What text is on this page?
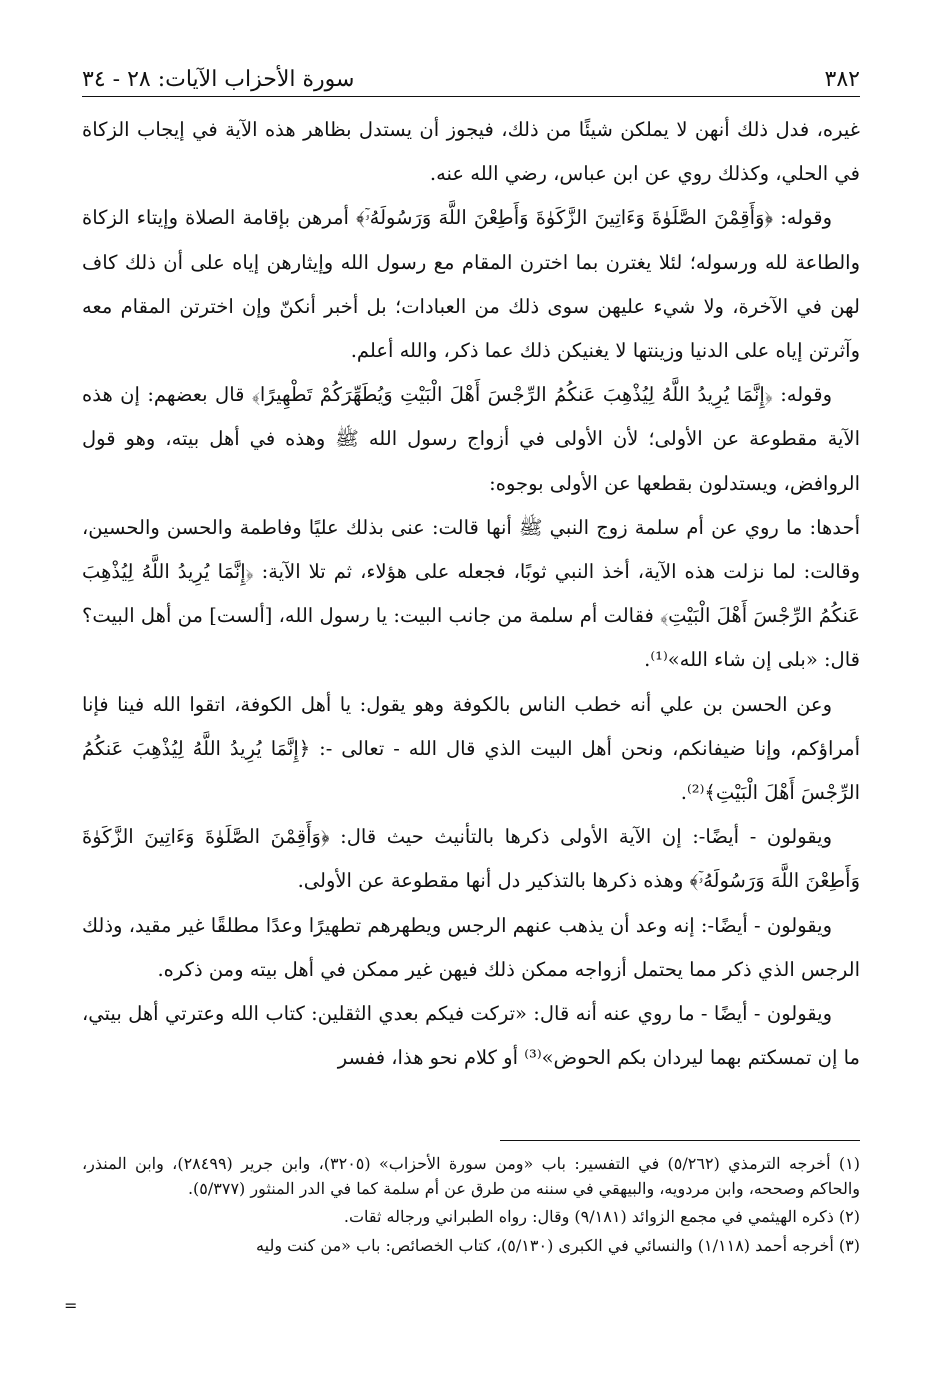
٣٨٢
سورة الأحزاب الآيات: ٢٨ - ٣٤

غيره، فدل ذلك أنهن لا يملكن شيئًا من ذلك، فيجوز أن يستدل بظاهر هذه الآية في إيجاب الزكاة في الحلي، وكذلك روي عن ابن عباس، رضي الله عنه.

وقوله: ﴿وَأَقِمْنَ الصَّلَوٰةَ وَءَاتِينَ الزَّكَوٰةَ وَأَطِعْنَ اللَّهَ وَرَسُولَهُۥٓ﴾ أمرهن بإقامة الصلاة وإيتاء الزكاة والطاعة لله ورسوله؛ لئلا يغترن بما اخترن المقام مع رسول الله وإيثارهن إياه على أن ذلك كاف لهن في الآخرة، ولا شيء عليهن سوى ذلك من العبادات؛ بل أخبر أنكنّ وإن اخترتن المقام معه وآثرتن إياه على الدنيا وزينتها لا يغنيكن ذلك عما ذكر، والله أعلم.

وقوله: ﴿إِنَّمَا يُرِيدُ اللَّهُ لِيُذْهِبَ عَنكُمُ الرِّجْسَ أَهْلَ الْبَيْتِ وَيُطَهِّرَكُمْ تَطْهِيرًا﴾ قال بعضهم: إن هذه الآية مقطوعة عن الأولى؛ لأن الأولى في أزواج رسول الله ﷺ وهذه في أهل بيته، وهو قول الروافض، ويستدلون بقطعها عن الأولى بوجوه:

أحدها: ما روي عن أم سلمة زوج النبي ﷺ أنها قالت: عنى بذلك عليًا وفاطمة والحسن والحسين، وقالت: لما نزلت هذه الآية، أخذ النبي ثوبًا، فجعله على هؤلاء، ثم تلا الآية: ﴿إِنَّمَا يُرِيدُ اللَّهُ لِيُذْهِبَ عَنكُمُ الرِّجْسَ أَهْلَ الْبَيْتِ﴾ فقالت أم سلمة من جانب البيت: يا رسول الله، [ألست] من أهل البيت؟ قال: «بلى إن شاء الله»⁽¹⁾.

وعن الحسن بن علي أنه خطب الناس بالكوفة وهو يقول: يا أهل الكوفة، اتقوا الله فينا فإنا أمراؤكم، وإنا ضيفانكم، ونحن أهل البيت الذي قال الله - تعالى -: ﴿إِنَّمَا يُرِيدُ اللَّهُ لِيُذْهِبَ عَنكُمُ الرِّجْسَ أَهْلَ الْبَيْتِ﴾⁽²⁾.

ويقولون - أيضًا-: إن الآية الأولى ذكرها بالتأنيث حيث قال: ﴿وَأَقِمْنَ الصَّلَوٰةَ وَءَاتِينَ الزَّكَوٰةَ وَأَطِعْنَ اللَّهَ وَرَسُولَهُۥٓ﴾ وهذه ذكرها بالتذكير دل أنها مقطوعة عن الأولى.

ويقولون - أيضًا-: إنه وعد أن يذهب عنهم الرجس ويطهرهم تطهيرًا وعدًا مطلقًا غير مقيد، وذلك الرجس الذي ذكر مما يحتمل أزواجه ممكن ذلك فيهن غير ممكن في أهل بيته ومن ذكره.

ويقولون - أيضًا - ما روي عنه أنه قال: «تركت فيكم بعدي الثقلين: كتاب الله وعترتي أهل بيتي، ما إن تمسكتم بهما ليردان بكم الحوض»⁽³⁾ أو كلام نحو هذا، ففسر

(١) أخرجه الترمذي (٥/٢٦٢) في التفسير: باب «ومن سورة الأحزاب» (٣٢٠٥)، وابن جرير (٢٨٤٩٩)، وابن المنذر، والحاكم وصححه، وابن مردويه، والبيهقي في سننه من طرق عن أم سلمة كما في الدر المنثور (٥/٣٧٧).

(٢) ذكره الهيثمي في مجمع الزوائد (٩/١٨١) وقال: رواه الطبراني ورجاله ثقات.

(٣) أخرجه أحمد (١/١١٨) والنسائي في الكبرى (٥/١٣٠)، كتاب الخصائص: باب «من كنت وليه

=
